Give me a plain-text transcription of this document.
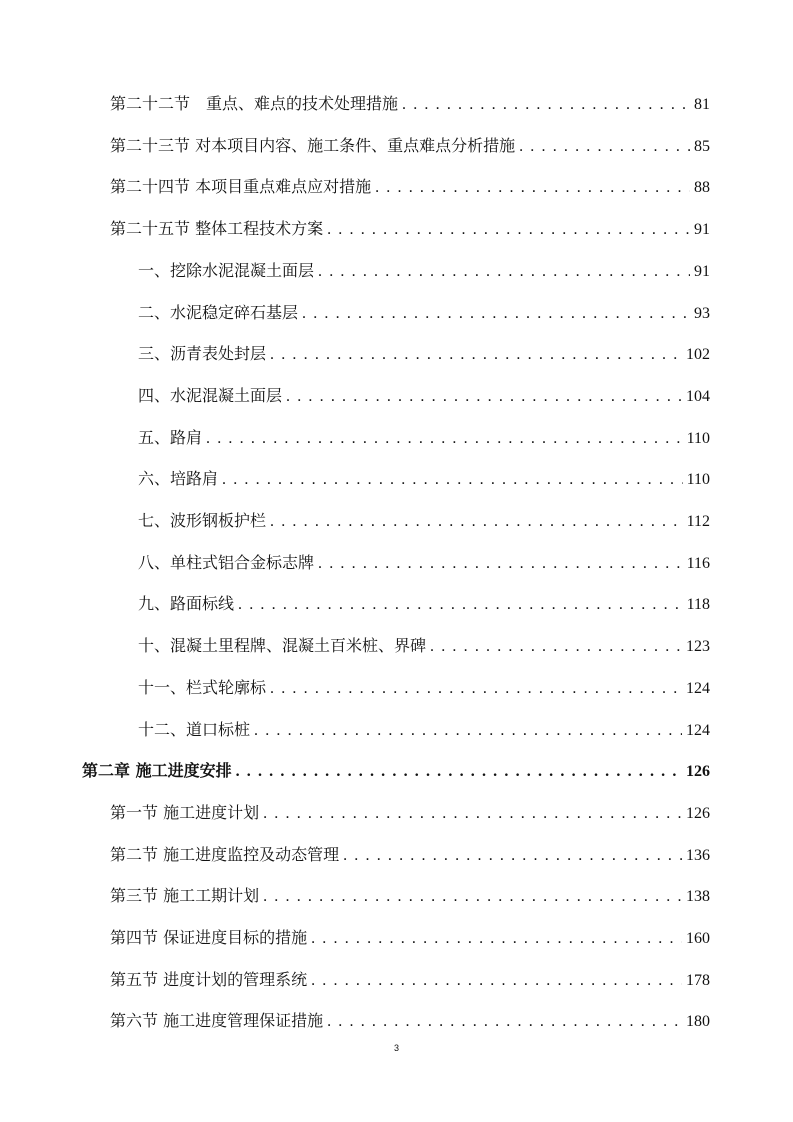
第二十二节　重点、难点的技术处理措施 . . .	81
第二十三节 对本项目内容、施工条件、重点难点分析措施 . . .	85
第二十四节 本项目重点难点应对措施 . . .	88
第二十五节 整体工程技术方案 . . .	91
一、挖除水泥混凝土面层 . . .	91
二、水泥稳定碎石基层 . . .	93
三、沥青表处封层 . . .	102
四、水泥混凝土面层 . . .	104
五、路肩 . . .	110
六、培路肩 . . .	110
七、波形钢板护栏 . . .	112
八、单柱式铝合金标志牌 . . .	116
九、路面标线 . . .	118
十、混凝土里程牌、混凝土百米桩、界碑 . . .	123
十一、栏式轮廓标 . . .	124
十二、道口标桩 . . .	124
第二章 施工进度安排 . . .	126
第一节 施工进度计划 . . .	126
第二节 施工进度监控及动态管理 . . .	136
第三节 施工工期计划 . . .	138
第四节 保证进度目标的措施 . . .	160
第五节 进度计划的管理系统 . . .	178
第六节 施工进度管理保证措施 . . .	180
3
